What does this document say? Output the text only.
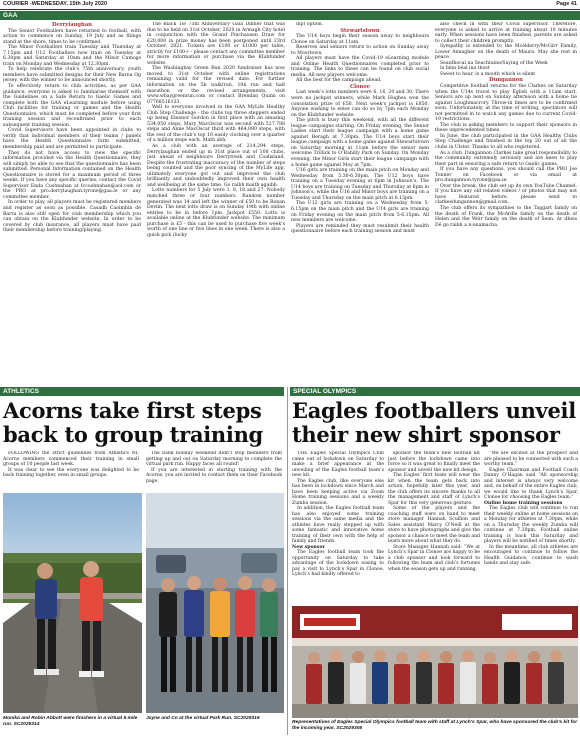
COURIER -WEDNESDAY, 15th July 2020	Page 41
GAA
Derrylaughan

The Senior Footballers have returned to football, with action to commence on Sunday, 19 July and as things stand at the shore, times to be confirmed.

The Minor Footballers train Tuesday and Thursday at 7.15pm and U12 Footballers now train on Tuesday at 6.30pm and Saturday at 10am and the Minor Camogs train on Monday and Wednesday at 12.30pm.

To help celebrate the club’s 75th anniversary, youth members have submitted designs for their New Barna Og jersey, with the winner to be announced shortly.

To effectively return to club activities, as per GAA guidance, everyone is asked to familiarise themself with the Guidelines on a Safe Return to Gaelic Games and complete both the GAA eLearning module before using Club facilities for training or games and the Health Questionnaire, which must be completed before your first training session and reconfirmed prior to each subsequent training session.

Covid Supervisors have been appointed in clubs to verify that individual members of their teams / panels have the Health Questionnaire form submitted, membership paid and are permitted to participate.

They do not have access to view the specific information provided via the Health Questionnaire, they will simply be able to see that the questionnaire has been submitted. Personal Information contained on the Health Questionnaire is stored for a maximum period of three weeks. If you have any specific queries, contact the Covid Supervisor Enda Cushnahan at fccushnahan@aol.com or the PRO at pro.derrylaughan.tyrone@gaa.ie or any committee member.

In order to play, all players must be registered members and register as soon as possible. Casadh Caoimhín de Barra is also still open for club membership which you can obtain on the Klubfunder website. In order to be covered by club insurance, all players must have paid their membership before training/playing.

The Black Tie 75th Anniversary Gala Dinner that was due to be held on 31st October, 2020 in Armagh City hotel in conjunction with the Grand Pinchausen Draw for £20,000 in prize money has been postponed until 23rd October, 2021. Tickets are £100 or £1000 per table, strictly for £100+ - please contact any committee member for more information or purchase via the Klubfunder website.

The Washingbay Green Run 2020 fundraiser has now moved to 31st October with online registrations remaining valid for the revised date. For further information on the 5k walk/run, 10k run and half marathon or the revised arrangements, visit www.wbaygreenrun.com or contact Brendan Quinn on 07768516133.

Well to everyone involved in the GAA MyLife Healthy Club Step Challenge - the clubs top three steppers ended up being Eleanor Gordon in first place with an amazing 534,050 steps, Mary MacOscar was second with 527,788 steps and Anne MacOscar third with 464,090 steps, with the rest of the club’s top 10 easily clocking over a quarter of a million steps each. Math ábh.

As a club with an average of 214,294 steps, Derrylaughan ended up in 31st place out of 108 clubs, just ahead of neighbours Derrytresk and Coalisland. Despite the frustrating inaccuracy of the number of steps being counted and the poor syncing of the MyLife app, ultimately everyone got out and improved the club brilliantly and undoubtedly improved their own health and wellbeing at the same time. Go raibh maith agaibh.

Lotto numbers for 5 July were 1, 8, 18 and 27. Nobody matched three or four numbers. Random number generated was 14 and left the winner of £50 to be Ronan Devlin. The next lotto draw is on Sunday 19th with online entries to be in before 1pm. Jackpot £550. Lotto is available online at the Klubfunder website. The minimum purchase is £5 - this can be used to purchase five week’s worth of one line or five lines in one week. There is also a quick pick (lucky

dip) option.

Stewartstown

The U14 boys begin their season away to neighbours Clonoe on Saturday at 11am.

Reserves and seniors return to action on Sunday away to Moortown.

All players must have the Covid-19 eLearning module and Online Health Questionnaires completed prior to training. The links to these can be found on club social media. All new players welcome.

All the best for the campaign ahead.

Clonoe

Last week’s lotto numbers were 6, 16, 20 and 30. There were no jackpot winners, while Mark Hughes won the consolation prize of £50. Next week’s jackpot is £850. Anyone wishing to enter can do so by 7pm each Monday on the Klubfunder website.

The pitch is busy this weekend, with all the different league campaigns starting. On Friday evening, the Senior Ladies start their league campaign with a home game against Beragh at 7.30pm. The U14 boys start their league campaign with a home game against Stewartstown on Saturday morning at 11am before the senior men welcome Trillick to O’Rahilly Park on Sunday. On Monday evening, the Minor Girls start their league campaign with a home game against Moy at 7pm.

U16 girls are training on the main pitch on Monday and Wednesday from 5.30-6.30pm. The U12 boys have training on a Tuesday evening at 6pm in Johnson’s. The U14 boys are training on Tuesday and Thursday at 6pm in Johnson’s, while the U16 and Minor boys are training on a Tuesday and Thursday on the main pitch at 6.15pm.

The U12 girls are training on a Wednesday from 5-6.15pm on the main pitch and the U14 girls are training on Friday evening on the main pitch from 5-6.15pm. All new members are welcome.

Players are reminded they must resubmit their health questionnaire before each training session and must

also check in with their Covid supervisor. Therefore, everyone is asked to arrive at training about 10 minutes early. When sessions have been finished, parents are asked to collect their children promptly.

Sympathy is extended to the Mcelderry/McGirr Family, Lower Annagher on the death of Maura. May she rest in peace.

Seanfhocal na Seachtaine/Saying of the Week

Is binn béal ina thost

Sweet to hear, is a mouth which is silent

Dungannon

Competitive football returns for the Clarkes on Saturday when the U14s travel to play Eglish with a 11am start. Seniors are up next on Sunday afternoon with a home tie against Loughmacrory. Throw-in times are to be confirmed soon. Unfortunately, at the time of writing, spectators will not permitted in to watch any games due to current Covid-19 restrictions.

The club is asking members to support their sponsors in these unprecedented times.

In June, the club participated in the GAA Healthy Clubs Step Challenge and finished in the top 20 out of all the clubs in Ulster. Thanks to all who registered.

As a club, Dungannon Clarkes take great responsibility to the community extremely seriously and are keen to play their part in ensuring a safe return to Gaelic games.

If you have any questions, you should call the PRO Joe Tonner on Facebook or via email at pro.dungannon.tyrone@gaa.ie.

Over the break, the club set up its own YouTube Channel. If you have any old related videos / or photos that may not have featured before, please send to clarkesdungannon@gmail.com.

The club offers its sympathies to the Taggart family on the death of Frank, the McArdle family on the death of Helen and the Weir family on the death of Sean. Ar dheis Dé go raibh a n-anamacha.

ATHLETICS
Acorns take first steps back to group training

FOLLOWING the strict guidelines from Athletics NI, Acorns members commenced their training in small groups of 10 people last week.

It was clear to see the everyone was delighted to be back training together, even in small groups.

The bank holiday weekend didn’t stop members from getting up and out on Saturday morning to complete the virtual park run. Happy faces all round!

If you are interested in starting training with the Acorns, you are invited to contact them on their Facebook page.

Monika and Robin Abbott were finishers in a virtual 5 mile run. SC2029314
Jayne and Co at the virtual Park Run. SC2029316
SPECIAL OLYMPICS
Eagles footballers unveil their new shirt sponsor

THE Eagles Special Olympics Club came out of lockdown on Saturday to make a brief appearance at the unveiling of the Eagles football team’s new kit.

The Eagles club, like everyone else has been in lockdown since March and have been keeping active via Zoom Home training sessions and a weekly Zumba session.

In addition, the Eagles football team has also enjoyed some training sessions via the same media and the athletes have really stepped up with some fantastic and innovative home training of their own with the help of family and friends.

New sponsor

The Eagles football team took the opportunity on Saturday to take advantage of the lockdown easing to pay a visit to Lynch’s Spar in Clonoe, Lynch’s had kindly offered to

sponsor the team’s new football kit just before the lockdown came into force so it was great to finally meet the sponsor and unveil the new kit design.

The Eagles’ first team will wear the kit when the team gets back into action, hopefully later this year, and the club offers its sincere thanks to all the management and staff of Lynch’s Spar for this very generous gesture.

Some of the players and the coaching staff were on hand to meet store manager Hannah Scullion and Sales assistant Marcy O’Neill at the store to have photographs and give the sponsor a chance to meet the team and learn more about what they do.

Store Manager Hannah said: “We at Lynch’s Spar in Clonoe are happy to be a club sponsor and look forward to following the team and club’s fortunes when the season gets up and running.

“We are excited at the prospect and are pleased to be connected with such a worthy team.”

Eagles Chairman and Football Coach Danny O’Hagan said “All sponsorship and interest is always very welcome and, on behalf of the entire Eagles club, we would like to thank Lynch’s Spar, Clonoe for choosing the Eagles team.”

Online home training sessions

The Eagles club will continue to run their weekly online at home sessions on a Monday for athletes at 7.30pm, while on a Thursday the weekly Zumba will continue at 7.30pm. Football online training is back this Saturday and players will be notified of times shortly.

In the meantime, all club athletes are encouraged to continue to follow the Health Guidance, continue to wash hands and stay safe.

Representatives of Eagles Special Olympics football team with staff at Lynch’s Spar, who have sponsored the club’s kit for the incoming year. SC2029305
